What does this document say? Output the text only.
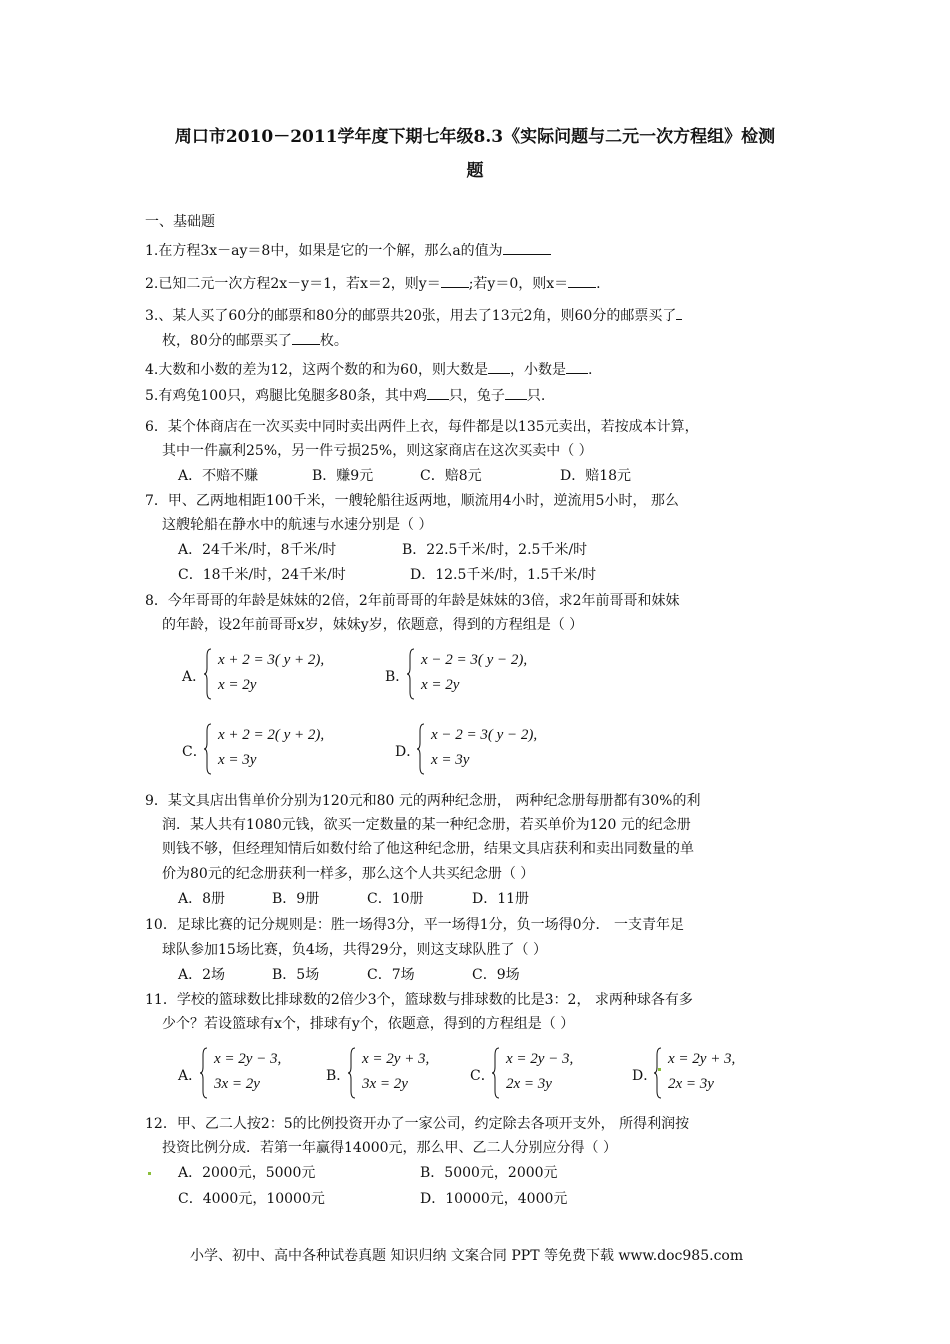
周口市2010－2011学年度下期七年级8.3《实际问题与二元一次方程组》检测
题
一、基础题
1.在方程3x－ay＝8中，如果是它的一个解，那么a的值为
2.已知二元一次方程2x－y＝1，若x＝2，则y＝ ;若y＝0，则x＝ .
3.、某人买了60分的邮票和80分的邮票共20张，用去了13元2角，则60分的邮票买了
枚，80分的邮票买了 枚。
4.大数和小数的差为12，这两个数的和为60，则大数是 ，小数是 .
5.有鸡兔100只，鸡腿比兔腿多80条，其中鸡 只，兔子 只.
6．某个体商店在一次买卖中同时卖出两件上衣，每件都是以135元卖出，若按成本计算，
其中一件赢利25%，另一件亏损25%，则这家商店在这次买卖中（ ）
A．不赔不赚	B．赚9元	C．赔8元	D．赔18元
7．甲、乙两地相距100千米，一艘轮船往返两地，顺流用4小时，逆流用5小时， 那么
这艘轮船在静水中的航速与水速分别是（ ）
A．24千米/时，8千米/时	B．22.5千米/时，2.5千米/时
C．18千米/时，24千米/时	D．12.5千米/时，1.5千米/时
8．今年哥哥的年龄是妹妹的2倍，2年前哥哥的年龄是妹妹的3倍，求2年前哥哥和妹妹
的年龄，设2年前哥哥x岁，妹妹y岁，依题意，得到的方程组是（ ）
A．
x + 2 = 3( y + 2),
x = 2y	B．
x − 2 = 3( y − 2),
x = 2y
C．
x + 2 = 2( y + 2),
x = 3y	D．
x − 2 = 3( y − 2),
x = 3y
9．某文具店出售单价分别为120元和80 元的两种纪念册， 两种纪念册每册都有30%的利
润．某人共有1080元钱，欲买一定数量的某一种纪念册，若买单价为120 元的纪念册
则钱不够，但经理知情后如数付给了他这种纪念册，结果文具店获利和卖出同数量的单
价为80元的纪念册获利一样多，那么这个人共买纪念册（ ）
A．8册	B．9册	C．10册	D．11册
10．足球比赛的记分规则是：胜一场得3分，平一场得1分，负一场得0分． 一支青年足
球队参加15场比赛，负4场，共得29分，则这支球队胜了（ ）
A．2场	B．5场	C．7场	C．9场
11．学校的篮球数比排球数的2倍少3个，篮球数与排球数的比是3：2， 求两种球各有多
少个？若设篮球有x个，排球有y个，依题意，得到的方程组是（ ）
A．
x = 2y − 3,
3x = 2y	B．
x = 2y + 3,
3x = 2y	C．
x = 2y − 3,
2x = 3y	D．
x = 2y + 3,
2x = 3y
12．甲、乙二人按2：5的比例投资开办了一家公司，约定除去各项开支外， 所得利润按
投资比例分成．若第一年赢得14000元，那么甲、乙二人分别应分得（ ）
A．2000元，5000元	B．5000元，2000元
C．4000元，10000元	D．10000元，4000元
小学、初中、高中各种试卷真题 知识归纳 文案合同 PPT 等免费下载 www.doc985.com
